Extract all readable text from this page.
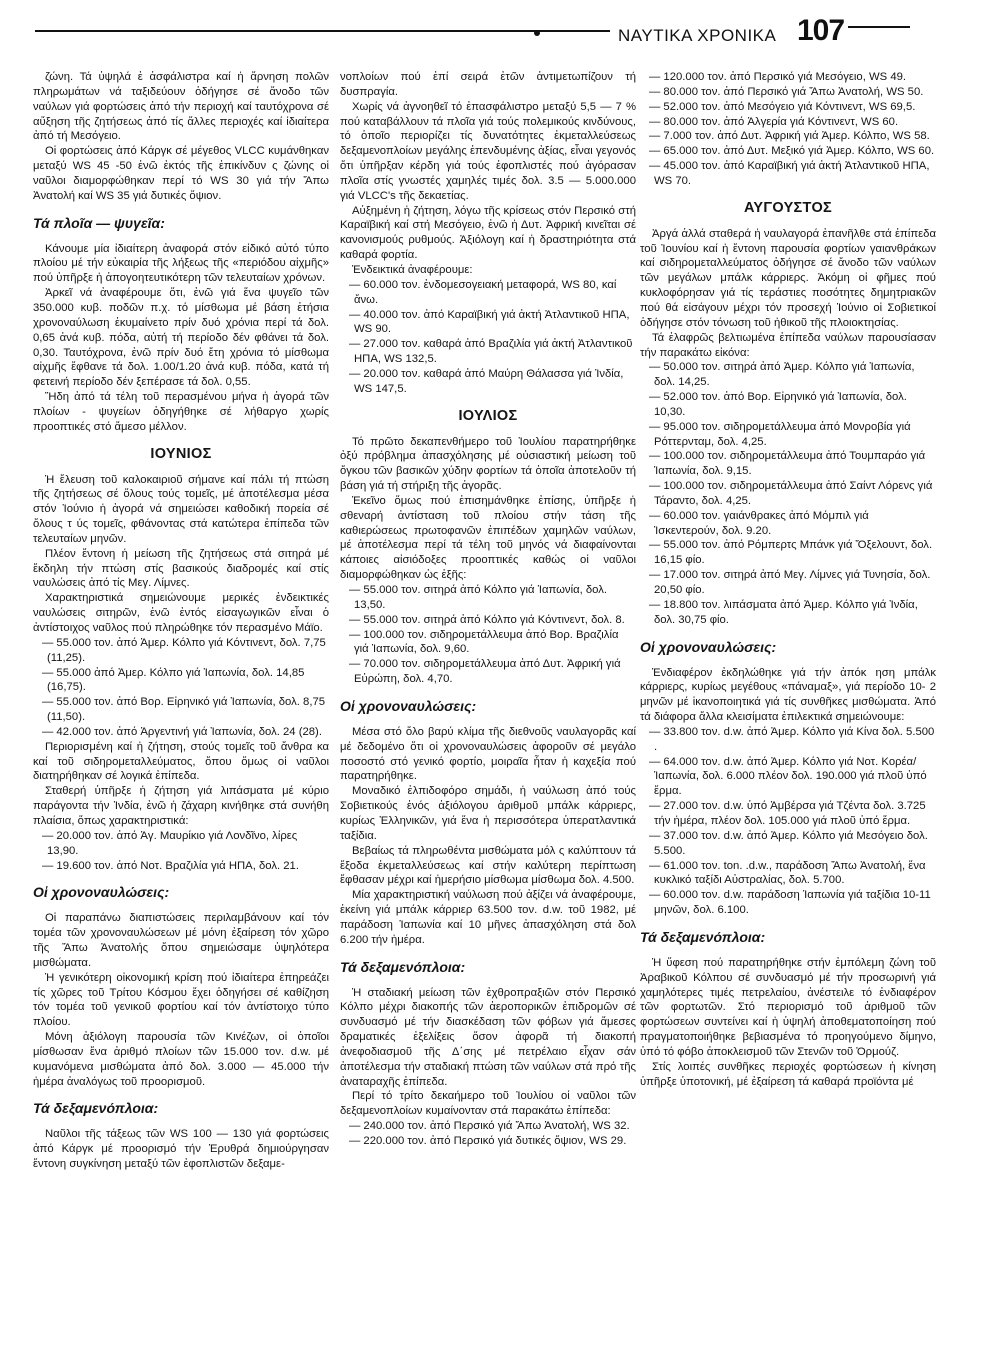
ΝΑΥΤΙΚΑ ΧΡΟΝΙΚΑ 107

ζώνη. Τά ὑψηλά ἐ ἀσφάλιστρα καί ἡ ἄρνηση πολῶν πληρωμάτων νά ταξιδεύουν ὁδήγησε σέ ἄνοδο τῶν ναύλων γιά φορτώσεις ἀπό τήν περιοχή καί ταυτόχρονα σέ αὔξηση τῆς ζητήσεως ἀπό τίς ἄλλες περιοχές καί ἰδιαίτερα ἀπό τή Μεσόγειο.

Οἱ φορτώσεις ἀπό Κάργκ σέ μέγεθος VLCC κυμάνθηκαν μεταξύ WS 45 -50 ἐνῶ ἐκτός τῆς ἐπικίνδυν ς ζώνης οἱ ναῦλοι διαμορφώθηκαν περί τό WS 30 γιά τήν Ἄπω Ἀνατολή καί WS 35 γιά δυτικές ὄψιον.

Τά πλοῖα — ψυγεῖα:

Κάνουμε μία ἰδιαίτερη ἀναφορά στόν εἰδικό αὐτό τύπο πλοίου μέ τήν εὐκαιρία τῆς λήξεως τῆς «περιόδου αἰχμῆς» πού ὑπῆρξε ἡ ἀπογοητευτικότερη τῶν τελευταίων χρόνων.

Ἀρκεῖ νά ἀναφέρουμε ὅτι, ἐνῶ γιά ἕνα ψυγεῖο τῶν 350.000 κυβ. ποδῶν π.χ. τό μίσθωμα μέ βάση ἐτήσια χρονοναύλωση ἐκυμαίνετο πρίν δυό χρόνια περί τά δολ. 0,65 ἀνά κυβ. πόδα, αὐτή τή περίοδο δέν φθάνει τά δολ. 0,30. Ταυτόχρονα, ἐνῶ πρίν δυό ἔτη χρόνια τό μίσθωμα αἰχμῆς ἔφθανε τά δολ. 1.00/1.20 ἀνά κυβ. πόδα, κατά τή φετεινή περίοδο δέν ξεπέρασε τά δολ. 0,55.

Ἤδη ἀπό τά τέλη τοῦ περασμένου μήνα ἡ ἀγορά τῶν πλοίων - ψυγείων ὁδηγήθηκε σέ λήθαργο χωρίς προοπτικές στό ἄμεσο μέλλον.

ΙΟΥΝΙΟΣ

Ἡ ἔλευση τοῦ καλοκαιριοῦ σήμανε καί πάλι τή πτώση τῆς ζητήσεως σέ ὅλους τούς τομεῖς, μέ ἀποτέλεσμα μέσα στόν Ἰούνιο ἡ ἀγορά νά σημειώσει καθοδική πορεία σέ ὅλους τ ύς τομεῖς, φθάνοντας στά κατώτερα ἐπίπεδα τῶν τελευταίων μηνῶν.

Πλέον ἔντονη ἡ μείωση τῆς ζητήσεως στά σιτηρά μέ ἔκδηλη τήν πτώση στίς βασικούς διαδρομές καί στίς ναυλώσεις ἀπό τίς Μεγ. Λίμνες.

Χαρακτηριστικά σημειώνουμε μερικές ἐνδεικτικές ναυλώσεις σιτηρῶν, ἐνῶ ἐντός εἰσαγωγικῶν εἶναι ὁ ἀντίστοιχος ναῦλος πού πληρώθηκε τόν περασμένο Μάϊο.

— 55.000 τον. ἀπό Ἀμερ. Κόλπο γιά Κόντινεντ, δολ. 7,75 (11,25).

— 55.000 ἀπό Ἀμερ. Κόλπο γιά Ἰαπωνία, δολ. 14,85 (16,75).

— 55.000 τον. ἀπό Βορ. Εἰρηνικό γιά Ἰαπωνία, δολ. 8,75 (11,50).

— 42.000 τον. ἀπό Ἀργεντινή γιά Ἰαπωνία, δολ. 24 (28).

Περιορισμένη καί ἡ ζήτηση, στούς τομεῖς τοῦ ἄνθρα κα καί τοῦ σιδηρομεταλλεύματος, ὅπου ὅμως οἱ ναῦλοι διατηρήθηκαν σέ λογικά ἐπίπεδα.

Σταθερή ὑπῆρξε ἡ ζήτηση γιά λιπάσματα μέ κύριο παράγοντα τήν Ἰνδία, ἐνῶ ἡ ζάχαρη κινήθηκε στά συνήθη πλαίσια, ὅπως χαρακτηριστικά:

— 20.000 τον. ἀπό Ἀγ. Μαυρίκιο γιά Λονδῖνο, λίρες 13,90.

— 19.600 τον. ἀπό Νοτ. Βραζιλία γιά ΗΠΑ, δολ. 21.

Οἱ χρονοναυλώσεις:

Οἱ παραπάνω διαπιστώσεις περιλαμβάνουν καί τόν τομέα τῶν χρονοναυλώσεων μέ μόνη ἐξαίρεση τόν χῶρο τῆς Ἄπω Ἀνατολής ὅπου σημειώσαμε ὑψηλότερα μισθώματα.

Ἡ γενικότερη οἰκονομική κρίση πού ἰδιαίτερα ἐπηρεάζει τίς χῶρες τοῦ Τρίτου Κόσμου ἔχει ὁδηγήσει σέ καθίζηση τόν τομέα τοῦ γενικοῦ φορτίου καί τόν ἀντίστοιχο τύπο πλοίου.

Μόνη ἀξιόλογη παρουσία τῶν Κινέζων, οἱ ὁποῖοι μίσθωσαν ἕνα ἀριθμό πλοίων τῶν 15.000 τον. d.w. μέ κυμανόμενα μισθώματα ἀπό δολ. 3.000 — 45.000 τήν ἡμέρα ἀναλόγως τοῦ προορισμοῦ.

Τά δεξαμενόπλοια:

Ναῦλοι τῆς τάξεως τῶν WS 100 — 130 γιά φορτώσεις ἀπό Κάργκ μέ προορισμό τήν Ἐρυθρά δημιούργησαν ἔντονη συγκίνηση μεταξύ τῶν ἐφοπλιστῶν δεξαμε-

νοπλοίων πού ἐπί σειρά ἐτῶν ἀντιμετωπίζουν τή δυσπραγία.

Χωρίς νά ἀγνοηθεῖ τό ἐπασφάλιστρο μεταξύ 5,5 — 7 % πού καταβάλλουν τά πλοῖα γιά τούς πολεμικούς κινδύνους, τό ὁποῖο περιορίζει τίς δυνατότητες ἐκμεταλλεύσεως δεξαμενοπλοίων μεγάλης ἐπενδυμένης ἀξίας, εἶναι γεγονός ὅτι ὑπῆρξαν κέρδη γιά τούς ἐφοπλιστές πού ἀγόρασαν πλοῖα στίς γνωστές χαμηλές τιμές δολ. 3.5 — 5.000.000 γιά VLCC's τῆς δεκαετίας.

Αὐξημένη ἡ ζήτηση, λόγω τῆς κρίσεως στόν Περσικό στή Καραϊβική καί στή Μεσόγειο, ἐνῶ ἡ Δυτ. Ἀφρική κινεῖται σέ κανονισμούς ρυθμούς. Ἀξιόλογη καί ἡ δραστηριότητα στά καθαρά φορτία.

Ἐνδεικτικά ἀναφέρουμε:

— 60.000 τον. ἐνδομεσογειακή μεταφορά, WS 80, καί ἄνω.

— 40.000 τον. ἀπό Καραϊβική γιά ἀκτή Ἀτλαντικοῦ ΗΠΑ, WS 90.

— 27.000 τον. καθαρά ἀπό Βραζιλία γιά ἀκτή Ἀτλαντικοῦ ΗΠΑ, WS 132,5.

— 20.000 τον. καθαρά ἀπό Μαύρη Θάλασσα γιά Ἰνδία, WS 147,5.

ΙΟΥΛΙΟΣ

Τό πρῶτο δεκαπενθήμερο τοῦ Ἰουλίου παρατηρήθηκε ὀξύ πρόβλημα ἀπασχόλησης μέ οὐσιαστική μείωση τοῦ ὄγκου τῶν βασικῶν χύδην φορτίων τά ὁποῖα ἀποτελοῦν τή βάση γιά τή στήριξη τῆς ἀγορᾶς.

Ἐκεῖνο ὅμως πού ἐπισημάνθηκε ἐπίσης, ὑπῆρξε ἡ σθεναρή ἀντίσταση τοῦ πλοίου στήν τάση τῆς καθιερώσεως πρωτοφανῶν ἐπιπέδων χαμηλῶν ναύλων, μέ ἀποτέλεσμα περί τά τέλη τοῦ μηνός νά διαφαίνονται κάποιες αἰσιόδοξες προοπτικές καθώς οἱ ναῦλοι διαμορφώθηκαν ὡς ἑξῆς:

— 55.000 τον. σιτηρά ἀπό Κόλπο γιά Ἰαπωνία, δολ. 13,50.

— 55.000 τον. σιτηρά ἀπό Κόλπο γιά Κόντινεντ, δολ. 8.

— 100.000 τον. σιδηρομετάλλευμα ἀπό Βορ. Βραζιλία γιά Ἰαπωνία, δολ. 9,60.

— 70.000 τον. σιδηρομετάλλευμα ἀπό Δυτ. Ἀφρική γιά Εὐρώπη, δολ. 4,70.

Οἱ χρονοναυλώσεις:

Μέσα στό ὅλο βαρύ κλίμα τῆς διεθνοῦς ναυλαγορᾶς καί μέ δεδομένο ὅτι οἱ χρονοναυλώσεις ἀφοροῦν σέ μεγάλο ποσοστό στό γενικό φορτίο, μοιραῖα ἦταν ἡ καχεξία πού παρατηρήθηκε.

Μοναδικό ἐλπιδοφόρο σημάδι, ἡ ναύλωση ἀπό τούς Σοβιετικούς ἑνός ἀξιόλογου ἀριθμοῦ μπάλκ κάρριερς, κυρίως Ἑλληνικῶν, γιά ἕνα ἡ περισσότερα ὑπερατλαντικά ταξίδια.

Βεβαίως τά πληρωθέντα μισθώματα μόλ ς καλύπτουν τά ἔξοδα ἐκμεταλλεύσεως καί στήν καλύτερη περίπτωση ἔφθασαν μέχρι καί ἡμερήσιο μίσθωμα μίσθωμα δολ. 4.500.

Μία χαρακτηριστική ναύλωση πού ἀξίζει νά ἀναφέρουμε, ἐκείνη γιά μπάλκ κάρριερ 63.500 τον. d.w. τοῦ 1982, μέ παράδοση Ἰαπωνία καί 10 μῆνες ἀπασχόληση στά δολ 6.200 τήν ἡμέρα.

Τά δεξαμενόπλοια:

Ἡ σταδιακή μείωση τῶν ἐχθροπραξιῶν στόν Περσικό Κόλπο μέχρι διακοπής τῶν ἀεροπορικῶν ἐπιδρομῶν σέ συνδυασμό μέ τήν διασκέδαση τῶν φόβων γιά ἄμεσες δραματικές ἐξελίξεις ὅσον ἀφορᾶ τή διακοπή ἀνεφοδιασμοῦ τῆς Δ΄σης μέ πετρέλαιο εἶχαν σάν ἀποτέλεσμα τήν σταδιακή πτώση τῶν ναύλων στά πρό τῆς ἀναταραχῆς ἐπίπεδα.

Περί τό τρίτο δεκαήμερο τοῦ Ἰουλίου οἱ ναῦλοι τῶν δεξαμενοπλοίων κυμαίνονταν στά παρακάτω ἐπίπεδα:

— 240.000 τον. ἀπό Περσικό γιά Ἄπω Ἀνατολή, WS 32.

— 220.000 τον. ἀπό Περσικό γιά δυτικές ὄψιον, WS 29.

— 120.000 τον. ἀπό Περσικό γιά Μεσόγειο, WS 49.

— 80.000 τον. ἀπό Περσικό γιά Ἄπω Ἀνατολή, WS 50.

— 52.000 τον. ἀπό Μεσόγειο γιά Κόντινεντ, WS 69,5.

— 80.000 τον. ἀπό Ἀλγερία γιά Κόντινεντ, WS 60.

— 7.000 τον. ἀπό Δυτ. Ἀφρική γιά Ἀμερ. Κόλπο, WS 58.

— 65.000 τον. ἀπό Δυτ. Μεξικό γιά Ἀμερ. Κόλπο, WS 60.

— 45.000 τον. ἀπό Καραϊβική γιά ἀκτή Ἀτλαντικοῦ ΗΠΑ, WS 70.

ΑΥΓΟΥΣΤΟΣ

Ἀργά ἀλλά σταθερά ἡ ναυλαγορά ἐπανῆλθε στά ἐπίπεδα τοῦ Ἰουνίου καί ἡ ἔντονη παρουσία φορτίων γαιανθράκων καί σιδηρομεταλλεύματος ὁδήγησε σέ ἄνοδο τῶν ναύλων τῶν μεγάλων μπάλκ κάρριερς. Ἀκόμη οἱ φῆμες πού κυκλοφόρησαν γιά τίς τεράστιες ποσότητες δημητριακῶν πού θά εἰσάγουν μέχρι τόν προσεχή Ἰούνιο οἱ Σοβιετικοί ὁδήγησε στόν τόνωση τοῦ ἠθικοῦ τῆς πλοιοκτησίας.

Τά ἐλαφρῶς βελτιωμένα ἐπίπεδα ναύλων παρουσίασαν τήν παρακάτω εἰκόνα:

— 50.000 τον. σιτηρά ἀπό Ἀμερ. Κόλπο γιά Ἰαπωνία, δολ. 14,25.

— 52.000 τον. ἀπό Βορ. Εἰρηνικό γιά Ἰαπωνία, δολ. 10,30.

— 95.000 τον. σιδηρομετάλλευμα ἀπό Μονροβία γιά Ρόττερνταμ, δολ. 4,25.

— 100.000 τον. σιδηρομετάλλευμα ἀπό Τουμπαράο γιά Ἰαπωνία, δολ. 9,15.

— 100.000 τον. σιδηρομετάλλευμα ἀπό Σαίντ Λόρενς γιά Τάραντο, δολ. 4,25.

— 60.000 τον. γαιάνθρακες ἀπό Μόμπιλ γιά Ἰσκεντερούν, δολ. 9.20.

— 55.000 τον. ἀπό Ρόμπερτς Μπάνκ γιά Ὄξελουντ, δολ. 16,15 φίο.

— 17.000 τον. σιτηρά ἀπό Μεγ. Λίμνες γιά Τυνησία, δολ. 20,50 φίο.

— 18.800 τον. λιπάσματα ἀπό Ἀμερ. Κόλπο γιά Ἰνδία, δολ. 30,75 φίο.

Οἱ χρονοναυλώσεις:

Ἐνδιαφέρον ἐκδηλώθηκε γιά τήν ἀπόκ ηση μπάλκ κάρριερς, κυρίως μεγέθους «πάναμαξ», γιά περίοδο 10- 2 μηνῶν μέ ἱκανοποιητικά γιά τίς συνθῆκες μισθώματα. Ἀπό τά διάφορα ἄλλα κλεισίματα ἐπιλεκτικά σημειώνουμε:

— 33.800 τον. d.w. ἀπό Ἀμερ. Κόλπο γιά Κίνα δολ. 5.500 .

— 64.000 τον. d.w. ἀπό Ἀμερ. Κόλπο γιά Νοτ. Κορέα/Ἰαπωνία, δολ. 6.000 πλέον δολ. 190.000 γιά πλοῦ ὑπό ἕρμα.

— 27.000 τον. d.w. ὑπό Ἀμβέρσα γιά Τζέντα δολ. 3.725 τήν ἡμέρα, πλέον δολ. 105.000 γιά πλοῦ ὑπό ἕρμα.

— 37.000 τον. d.w. ἀπό Ἀμερ. Κόλπο γιά Μεσόγειο δολ. 5.500.

— 61.000 τον. ton. .d.w., παράδοση Ἄπω Ἀνατολή, ἕνα κυκλικό ταξίδι Αὐστραλίας, δολ. 5.700.

— 60.000 τον. d.w. παράδοση Ἰαπωνία γιά ταξίδια 10-11 μηνῶν, δολ. 6.100.

Τά δεξαμενόπλοια:

Ἡ ὕφεση πού παρατηρήθηκε στήν ἐμπόλεμη ζώνη τοῦ Ἀραβικοῦ Κόλπου σέ συνδυασμό μέ τήν προσωρινή γιά χαμηλότερες τιμές πετρελαίου, ἀνέστειλε τό ἐνδιαφέρον τῶν φορτωτῶν. Στό περιορισμό τοῦ ἀριθμοῦ τῶν φορτώσεων συντείνει καί ἡ ὑψηλή ἀποθεματοποίηση πού πραγματοποιήθηκε βεβιασμένα τό προηγούμενο δίμηνο, ὑπό τό φόβο ἀποκλεισμοῦ τῶν Στενῶν τοῦ Ὁρμούζ.

Στίς λοιπές συνθῆκες περιοχές φορτώσεων ἡ κίνηση ὑπῆρξε ὑποτονική, μέ ἐξαίρεση τά καθαρά προϊόντα μέ
